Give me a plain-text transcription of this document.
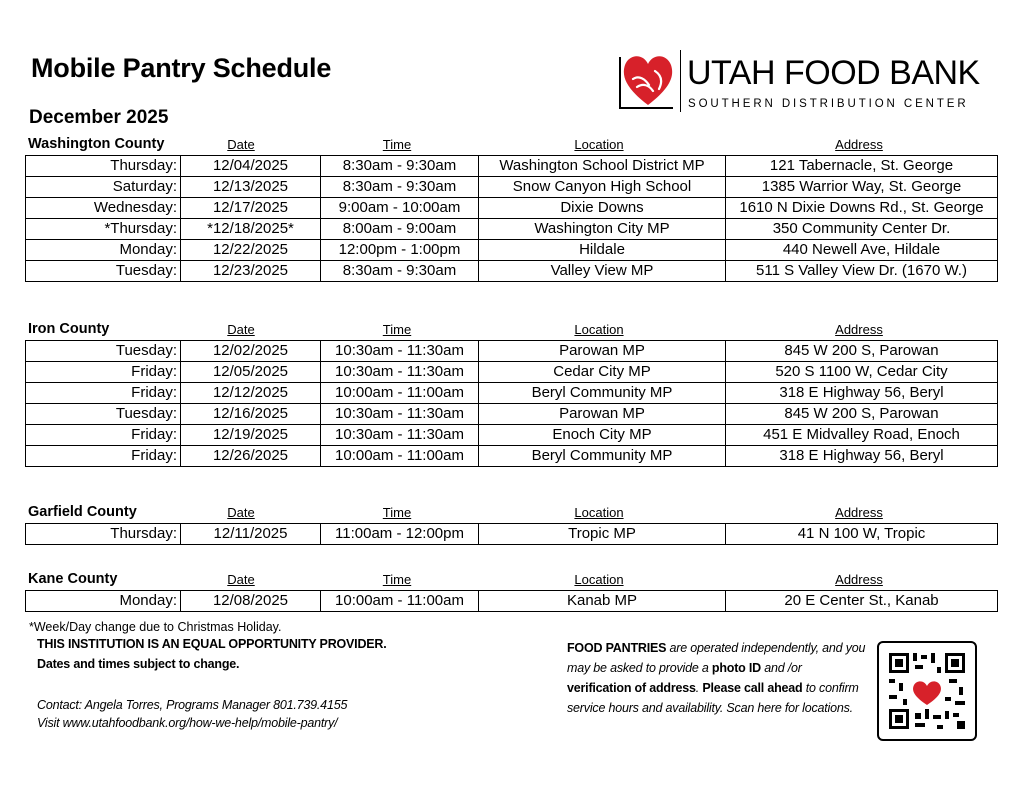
Mobile Pantry Schedule
December 2025
UTAH FOOD BANK
SOUTHERN DISTRIBUTION CENTER
Washington County	Date	Time	Location	Address
Thursday:	12/04/2025	8:30am - 9:30am	Washington School District MP	121 Tabernacle, St. George
Saturday:	12/13/2025	8:30am - 9:30am	Snow Canyon High School	1385 Warrior Way, St. George
Wednesday:	12/17/2025	9:00am - 10:00am	Dixie Downs	1610 N Dixie Downs Rd., St. George
*Thursday:	*12/18/2025*	8:00am - 9:00am	Washington City MP	350 Community Center Dr.
Monday:	12/22/2025	12:00pm - 1:00pm	Hildale	440 Newell Ave, Hildale
Tuesday:	12/23/2025	8:30am - 9:30am	Valley View MP	511 S Valley View Dr. (1670 W.)
Iron County	Date	Time	Location	Address
Tuesday:	12/02/2025	10:30am - 11:30am	Parowan MP	845 W 200 S, Parowan
Friday:	12/05/2025	10:30am - 11:30am	Cedar City MP	520 S 1100 W, Cedar City
Friday:	12/12/2025	10:00am - 11:00am	Beryl Community MP	318 E Highway 56, Beryl
Tuesday:	12/16/2025	10:30am - 11:30am	Parowan MP	845 W 200 S, Parowan
Friday:	12/19/2025	10:30am - 11:30am	Enoch City MP	451 E Midvalley Road, Enoch
Friday:	12/26/2025	10:00am - 11:00am	Beryl Community MP	318 E Highway 56, Beryl
Garfield County	Date	Time	Location	Address
Thursday:	12/11/2025	11:00am - 12:00pm	Tropic MP	41 N 100 W, Tropic
Kane County	Date	Time	Location	Address
Monday:	12/08/2025	10:00am - 11:00am	Kanab MP	20 E Center St., Kanab
*Week/Day change due to Christmas Holiday.
THIS INSTITUTION IS AN EQUAL OPPORTUNITY PROVIDER.
Dates and times subject to change.
Contact: Angela Torres, Programs Manager 801.739.4155
Visit www.utahfoodbank.org/how-we-help/mobile-pantry/
FOOD PANTRIES are operated independently, and you may be asked to provide a photo ID and /or verification of address. Please call ahead to confirm service hours and availability. Scan here for locations.
